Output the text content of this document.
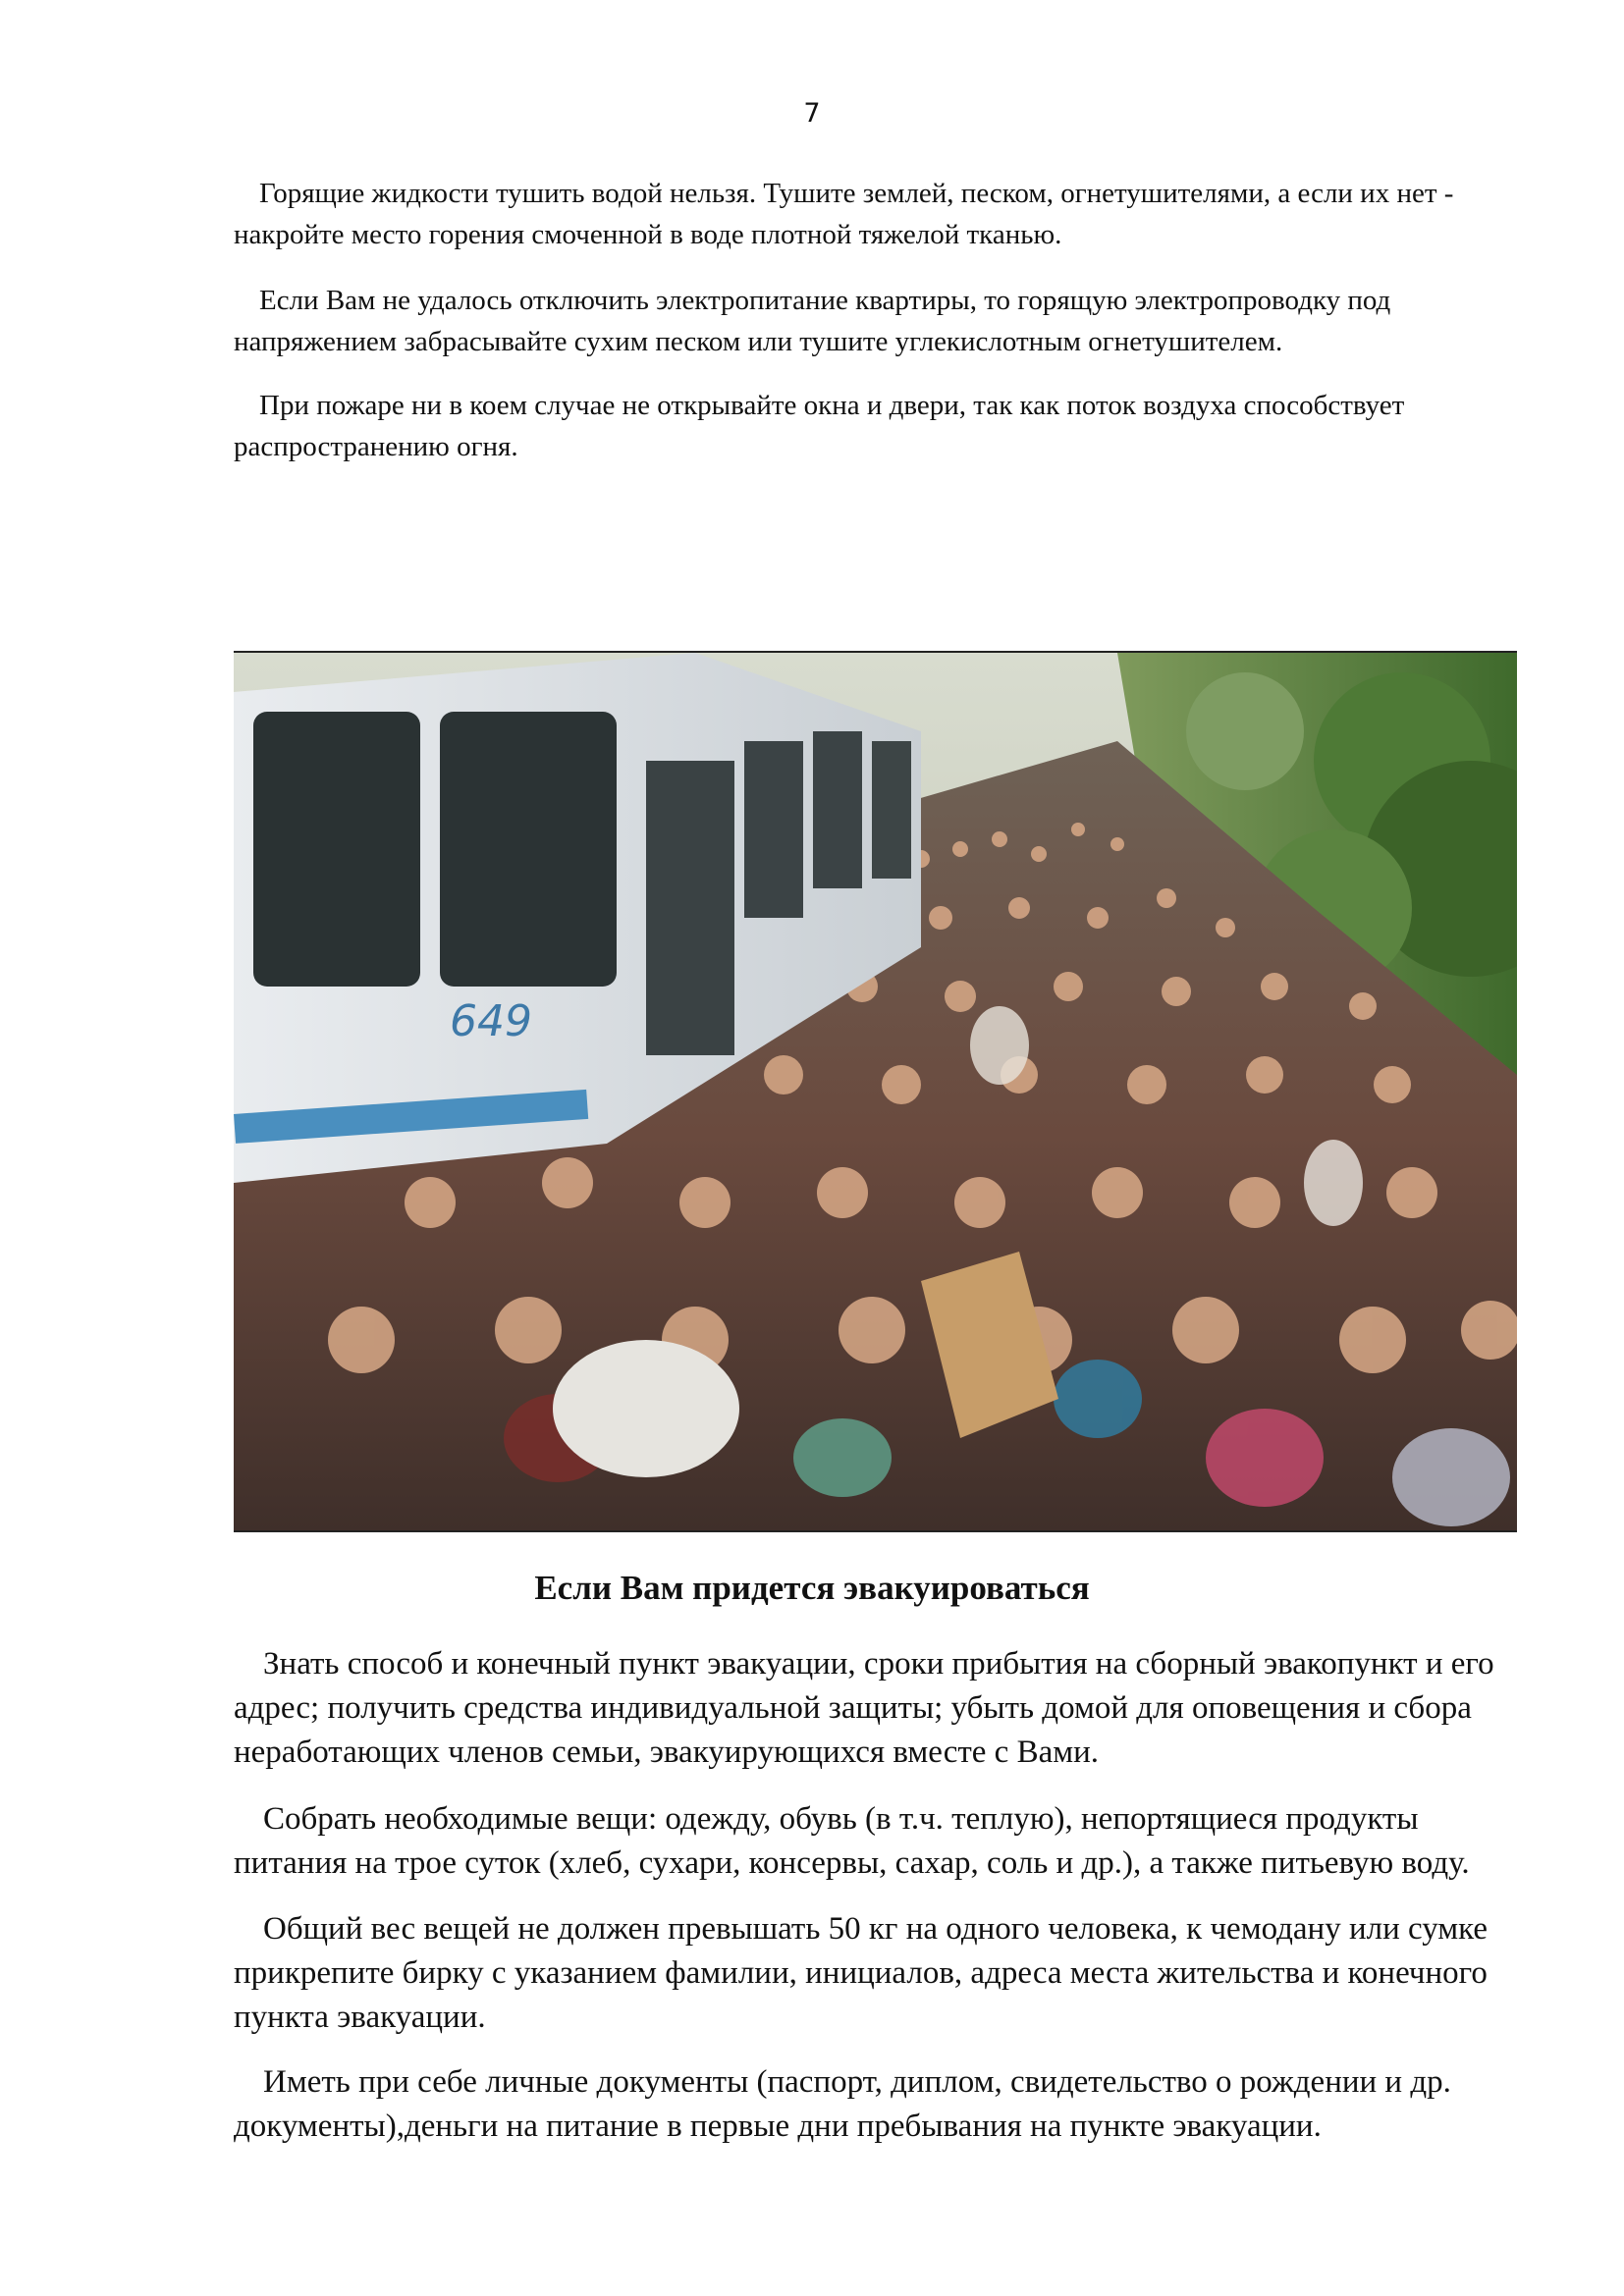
7

Горящие жидкости тушить водой нельзя. Тушите землей, песком, огнетушителями, а если их нет - накройте место горения смоченной в воде плотной тяжелой тканью.

Если Вам не удалось отключить электропитание квартиры, то горящую электропроводку под напряжением забрасывайте сухим песком или тушите углекислотным огнетушителем.

При пожаре ни в коем случае не открывайте окна и двери, так как поток воздуха способствует распространению огня.

649
Если Вам придется эвакуироваться

Знать способ и конечный пункт эвакуации, сроки прибытия на сборный эвакопункт и его адрес; получить средства индивидуальной защиты; убыть домой для оповещения и сбора неработающих членов семьи, эвакуирующихся вместе с Вами.

Собрать необходимые вещи: одежду, обувь (в т.ч. теплую), непортящиеся продукты питания на трое суток (хлеб, сухари, консервы, сахар, соль и др.), а также питьевую воду.

Общий вес вещей не должен превышать 50 кг на одного человека, к чемодану или сумке прикрепите бирку с указанием фамилии, инициалов, адреса места жительства и конечного пункта эвакуации.

Иметь при себе личные документы (паспорт, диплом, свидетельство о рождении и др. документы),деньги на питание в первые дни пребывания на пункте эвакуации.
